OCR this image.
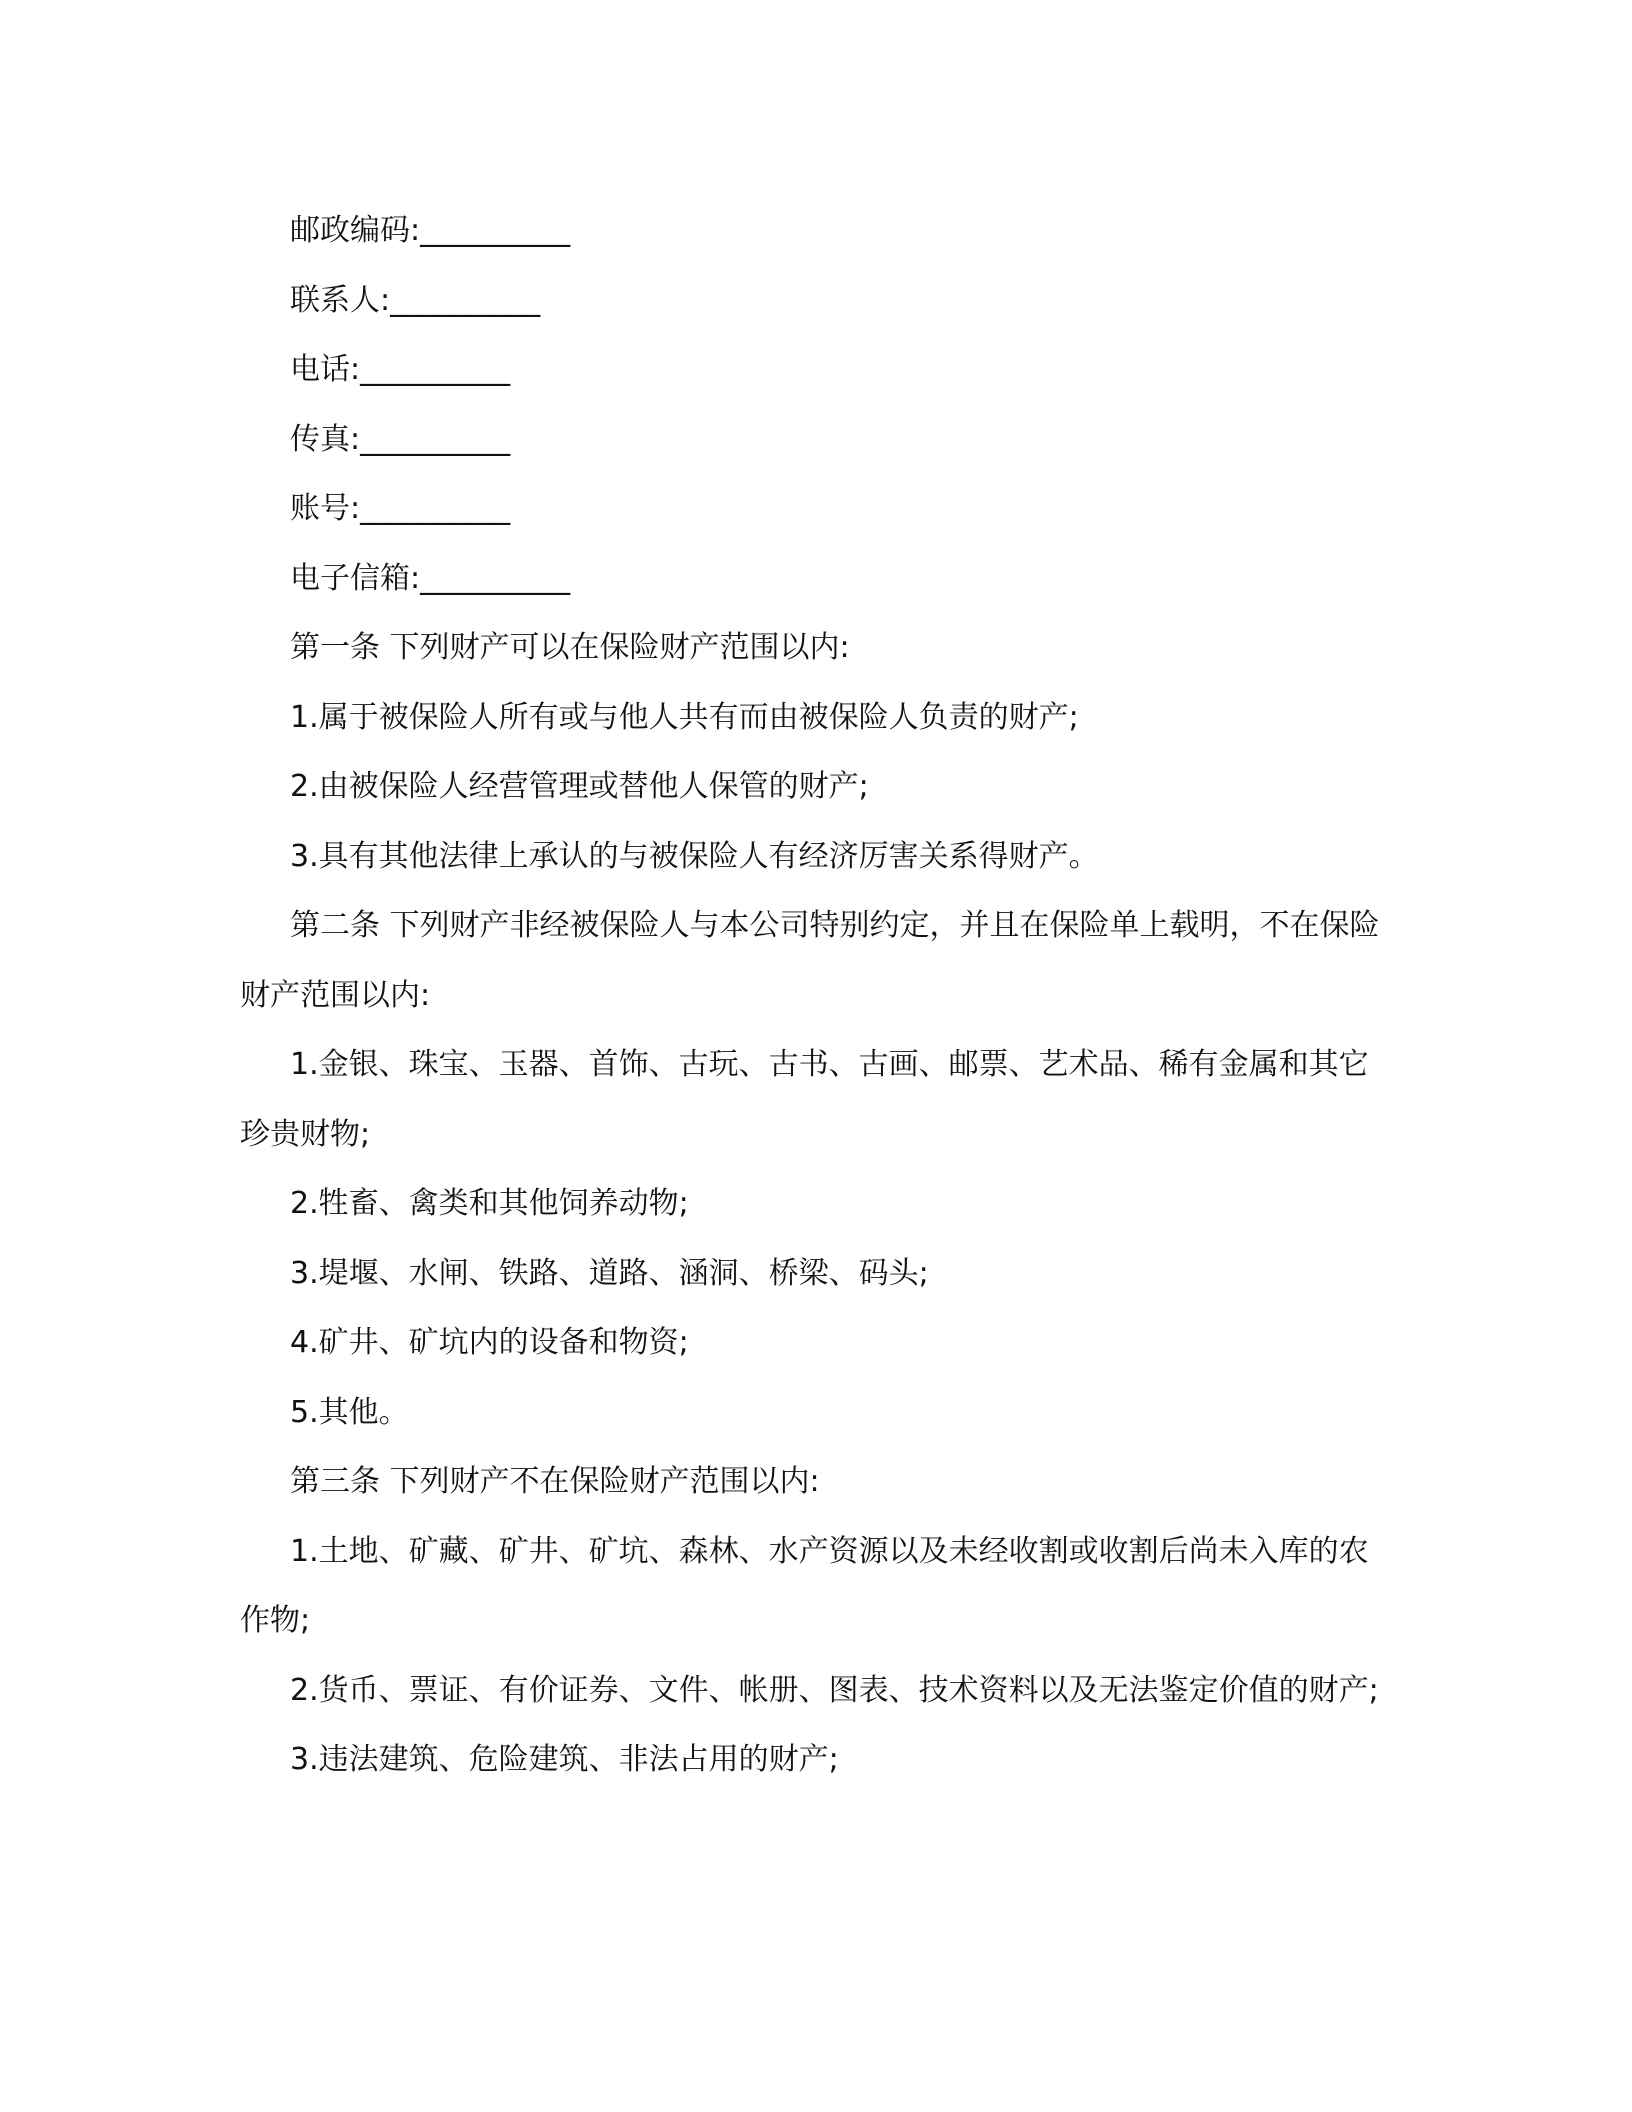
邮政编码:__________

联系人:__________

电话:__________

传真:__________

账号:__________

电子信箱:__________

第一条 下列财产可以在保险财产范围以内:

1.属于被保险人所有或与他人共有而由被保险人负责的财产;

2.由被保险人经营管理或替他人保管的财产;

3.具有其他法律上承认的与被保险人有经济厉害关系得财产。

第二条 下列财产非经被保险人与本公司特别约定，并且在保险单上载明，不在保险财产范围以内:

1.金银、珠宝、玉器、首饰、古玩、古书、古画、邮票、艺术品、稀有金属和其它珍贵财物;

2.牲畜、禽类和其他饲养动物;

3.堤堰、水闸、铁路、道路、涵洞、桥梁、码头;

4.矿井、矿坑内的设备和物资;

5.其他。

第三条 下列财产不在保险财产范围以内:

1.土地、矿藏、矿井、矿坑、森林、水产资源以及未经收割或收割后尚未入库的农作物;

2.货币、票证、有价证券、文件、帐册、图表、技术资料以及无法鉴定价值的财产;

3.违法建筑、危险建筑、非法占用的财产;
